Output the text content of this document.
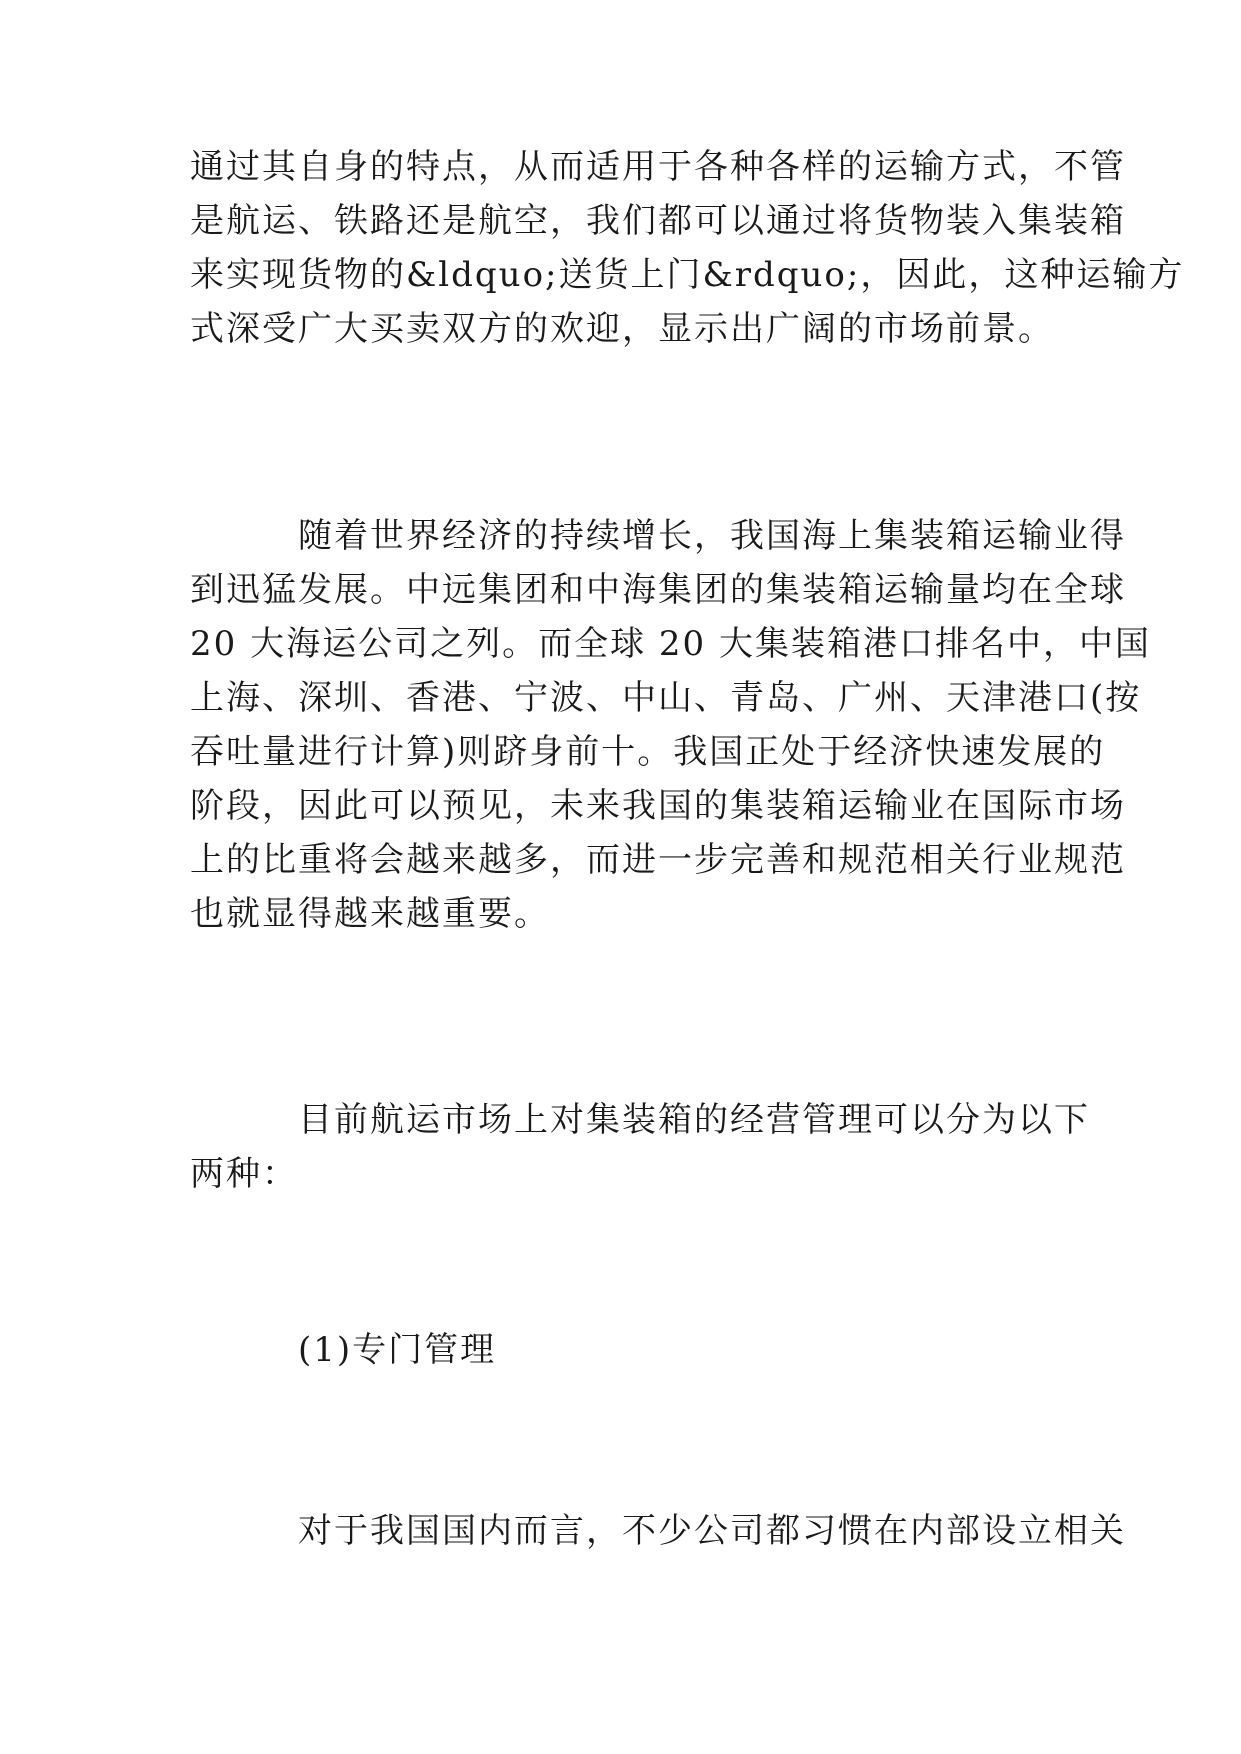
通过其自身的特点，从而适用于各种各样的运输方式，不管
是航运、铁路还是航空，我们都可以通过将货物装入集装箱
来实现货物的&ldquo;送货上门&rdquo;，因此，这种运输方
式深受广大买卖双方的欢迎，显示出广阔的市场前景。
随着世界经济的持续增长，我国海上集装箱运输业得
到迅猛发展。中远集团和中海集团的集装箱运输量均在全球
20 大海运公司之列。而全球 20 大集装箱港口排名中，中国
上海、深圳、香港、宁波、中山、青岛、广州、天津港口(按
吞吐量进行计算)则跻身前十。我国正处于经济快速发展的
阶段，因此可以预见，未来我国的集装箱运输业在国际市场
上的比重将会越来越多，而进一步完善和规范相关行业规范
也就显得越来越重要。
目前航运市场上对集装箱的经营管理可以分为以下
两种：
(1)专门管理
对于我国国内而言，不少公司都习惯在内部设立相关
